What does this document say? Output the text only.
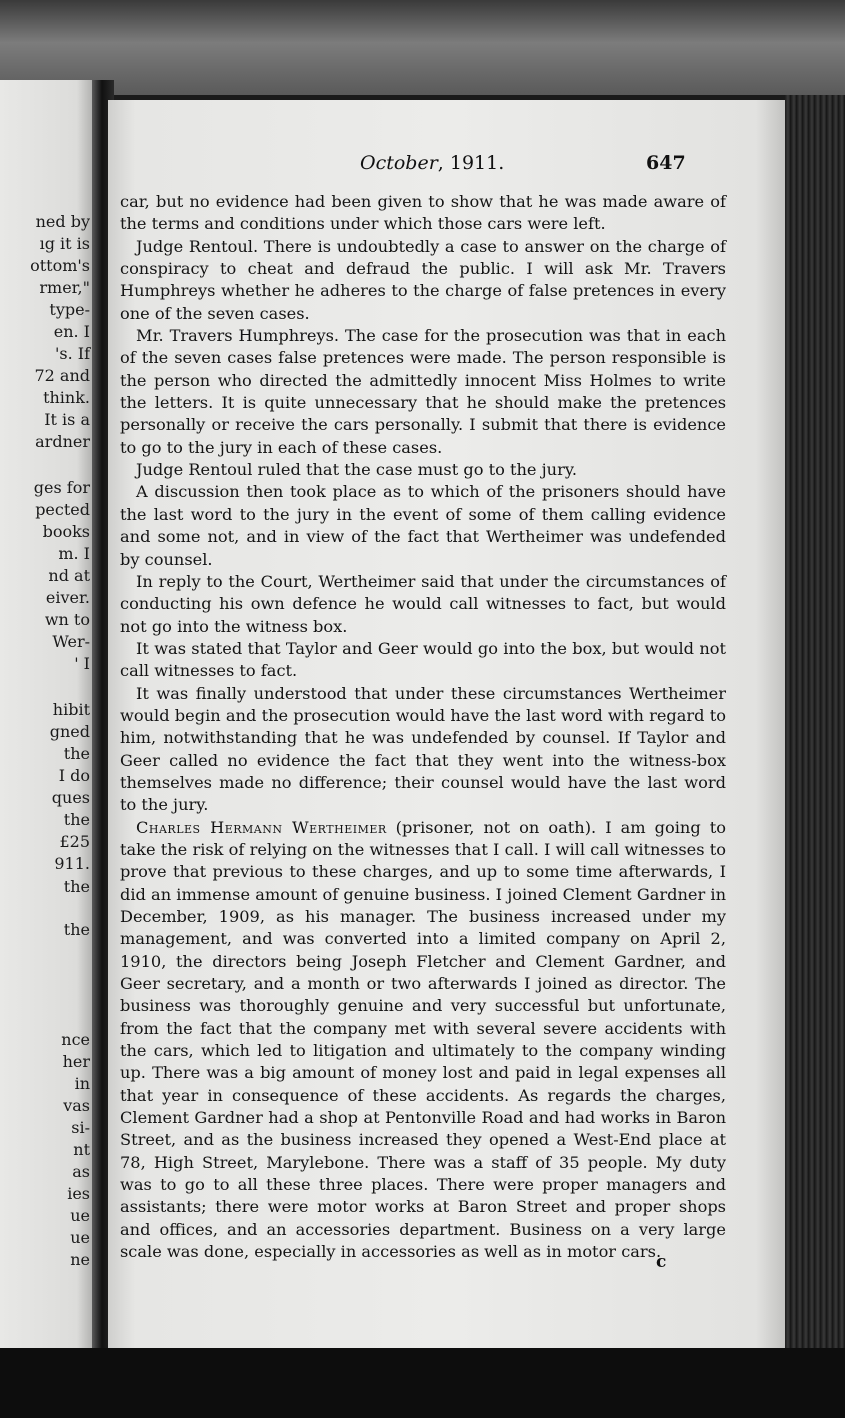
ned by
ıg it is
ottom's
rmer,"
type-
en. I
's. If
72 and
think.
It is a
ardner
ges for
pected
books
m. I
nd at
eiver.
wn to
Wer-
' I
hibit
gned
the
I do
ques
the
£25
911.
the
the
nce
her
in
vas
si-
nt
as
ies
ue
ue
ne
October, 1911.	647

car, but no evidence had been given to show that he was made aware of the terms and conditions under which those cars were left.

Judge Rentoul. There is undoubtedly a case to answer on the charge of conspiracy to cheat and defraud the public. I will ask Mr. Travers Humphreys whether he adheres to the charge of false pretences in every one of the seven cases.

Mr. Travers Humphreys. The case for the prosecution was that in each of the seven cases false pretences were made. The person responsible is the person who directed the admittedly innocent Miss Holmes to write the letters. It is quite unnecessary that he should make the pretences personally or receive the cars personally. I submit that there is evidence to go to the jury in each of these cases.

Judge Rentoul ruled that the case must go to the jury.

A discussion then took place as to which of the prisoners should have the last word to the jury in the event of some of them calling evidence and some not, and in view of the fact that Wertheimer was undefended by counsel.

In reply to the Court, Wertheimer said that under the circumstances of conducting his own defence he would call witnesses to fact, but would not go into the witness box.

It was stated that Taylor and Geer would go into the box, but would not call witnesses to fact.

It was finally understood that under these circumstances Wertheimer would begin and the prosecution would have the last word with regard to him, notwithstanding that he was undefended by counsel. If Taylor and Geer called no evidence the fact that they went into the witness-box themselves made no difference; their counsel would have the last word to the jury.

Charles Hermann Wertheimer (prisoner, not on oath). I am going to take the risk of relying on the witnesses that I call. I will call witnesses to prove that previous to these charges, and up to some time afterwards, I did an immense amount of genuine business. I joined Clement Gardner in December, 1909, as his manager. The business increased under my management, and was converted into a limited company on April 2, 1910, the directors being Joseph Fletcher and Clement Gardner, and Geer secretary, and a month or two afterwards I joined as director. The business was thoroughly genuine and very successful but unfortunate, from the fact that the company met with several severe accidents with the cars, which led to litigation and ultimately to the company winding up. There was a big amount of money lost and paid in legal expenses all that year in consequence of these accidents. As regards the charges, Clement Gardner had a shop at Pentonville Road and had works in Baron Street, and as the business increased they opened a West-End place at 78, High Street, Marylebone. There was a staff of 35 people. My duty was to go to all these three places. There were proper managers and assistants; there were motor works at Baron Street and proper shops and offices, and an accessories department. Business on a very large scale was done, especially in accessories as well as in motor cars.

c
